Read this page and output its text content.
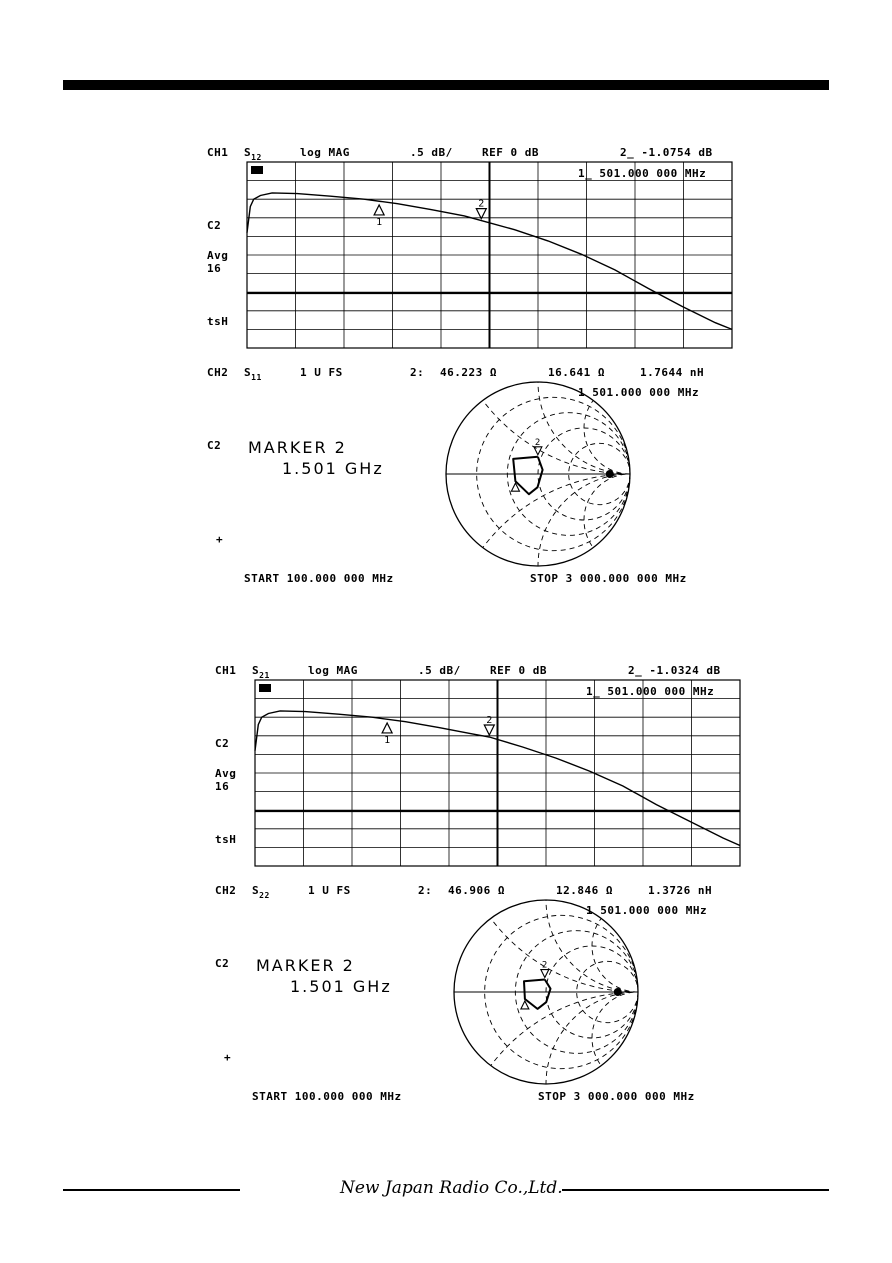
CH1 $S_{12}$	log MAG	.5 dB/	REF 0 dB	2_ -1.0754 dB
1_ 501.000 000 MHz
C2
Avg
16
tsH
1
2
CH2 $S_{11}$	1 U FS	2: 46.223 Ω	16.641 Ω	1.7644 nH
1 501.000 000 MHz
C2 MARKER 2
1.501 GHz
+
START 100.000 000 MHz	STOP 3 000.000 000 MHz
2
CH1 $S_{21}$	log MAG	.5 dB/	REF 0 dB	2_ -1.0324 dB
1_ 501.000 000 MHz
C2
Avg
16
tsH
1
2
CH2 $S_{22}$	1 U FS	2: 46.906 Ω	12.846 Ω	1.3726 nH
1 501.000 000 MHz
C2 MARKER 2
1.501 GHz
+
START 100.000 000 MHz	STOP 3 000.000 000 MHz
2
New Japan Radio Co.,Ltd.
